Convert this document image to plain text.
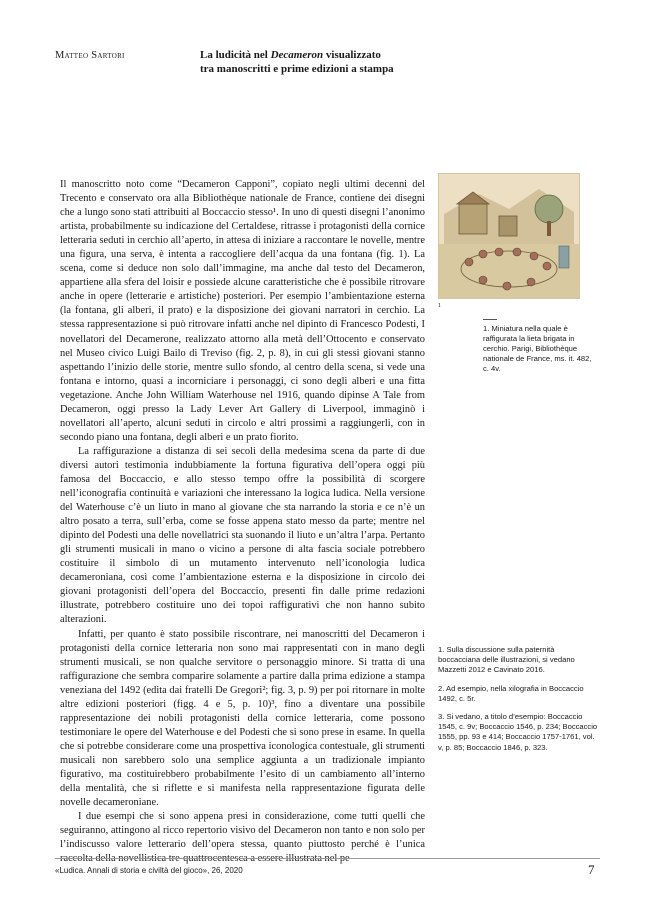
Matteo Sartori	La ludicità nel Decameron visualizzato
tra manoscritti e prime edizioni a stampa

Il manoscritto noto come “Decameron Capponi”, copiato negli ultimi decenni del Trecento e conservato ora alla Bibliothèque nationale de France, contiene dei disegni che a lungo sono stati attribuiti al Boccaccio stesso¹. In uno di questi disegni l’anonimo artista, probabilmente su indicazione del Certaldese, ritrasse i protagonisti della cornice letteraria seduti in cerchio all’aperto, in attesa di iniziare a raccontare le novelle, mentre una figura, una serva, è intenta a raccogliere dell’acqua da una fontana (fig. 1). La scena, come si deduce non solo dall’immagine, ma anche dal testo del Decameron, appartiene alla sfera del loisir e possiede alcune caratteristiche che è possibile ritrovare anche in opere (letterarie e artistiche) posteriori. Per esempio l’ambientazione esterna (la fontana, gli alberi, il prato) e la disposizione dei giovani narratori in cerchio. La stessa rappresentazione si può ritrovare infatti anche nel dipinto di Francesco Podesti, I novellatori del Decamerone, realizzato attorno alla metà dell’Ottocento e conservato nel Museo civico Luigi Bailo di Treviso (fig. 2, p. 8), in cui gli stessi giovani stanno aspettando l’inizio delle storie, mentre sullo sfondo, al centro della scena, si vede una fontana e intorno, quasi a incorniciare i personaggi, ci sono degli alberi e una fitta vegetazione. Anche John William Waterhouse nel 1916, quando dipinse A Tale from Decameron, oggi presso la Lady Lever Art Gallery di Liverpool, immaginò i novellatori all’aperto, alcuni seduti in circolo e altri prossimi a raggiungerli, con in secondo piano una fontana, degli alberi e un prato fiorito.

La raffigurazione a distanza di sei secoli della medesima scena da parte di due diversi autori testimonia indubbiamente la fortuna figurativa dell’opera oggi più famosa del Boccaccio, e allo stesso tempo offre la possibilità di scorgere nell’iconografia continuità e variazioni che interessano la logica ludica. Nella versione del Waterhouse c’è un liuto in mano al giovane che sta narrando la storia e ce n’è un altro posato a terra, sull’erba, come se fosse appena stato messo da parte; mentre nel dipinto del Podesti una delle novellatrici sta suonando il liuto e un’altra l’arpa. Pertanto gli strumenti musicali in mano o vicino a persone di alta fascia sociale potrebbero costituire il simbolo di un mutamento intervenuto nell’iconologia ludica decameroniana, così come l’ambientazione esterna e la disposizione in circolo dei giovani protagonisti dell’opera del Boccaccio, presenti fin dalle prime redazioni illustrate, potrebbero costituire uno dei topoi raffigurativi che non hanno subito alterazioni.

Infatti, per quanto è stato possibile riscontrare, nei manoscritti del Decameron i protagonisti della cornice letteraria non sono mai rappresentati con in mano degli strumenti musicali, se non qualche servitore o personaggio minore. Si tratta di una raffigurazione che sembra comparire solamente a partire dalla prima edizione a stampa veneziana del 1492 (edita dai fratelli De Gregori²; fig. 3, p. 9) per poi ritornare in molte altre edizioni posteriori (figg. 4 e 5, p. 10)³, fino a diventare una possibile rappresentazione dei nobili protagonisti della cornice letteraria, come possono testimoniare le opere del Waterhouse e del Podesti che si sono prese in esame. In quella che si potrebbe considerare come una prospettiva iconologica contestuale, gli strumenti musicali non sarebbero solo una semplice aggiunta a un tradizionale impianto figurativo, ma costituirebbero probabilmente l’esito di un cambiamento all’interno della mentalità, che si riflette e si manifesta nella rappresentazione figurata delle novelle decameroniane.

I due esempi che si sono appena presi in considerazione, come tutti quelli che seguiranno, attingono al ricco repertorio visivo del Decameron non tanto e non solo per l’indiscusso valore letterario dell’opera stessa, quanto piuttosto perché è l’unica

1
1. Miniatura nella quale è raffigurata la lieta brigata in cerchio. Parigi, Bibliothèque nationale de France, ms. it. 482, c. 4v.
1. Sulla discussione sulla paternità boccacciana delle illustrazioni, si vedano Mazzetti 2012 e Cavinato 2016.
2. Ad esempio, nella xilografia in Boccaccio 1492, c. 5r.
3. Si vedano, a titolo d’esempio: Boccaccio 1545, c. 9v; Boccaccio 1546, p. 234; Boccaccio 1555, pp. 93 e 414; Boccaccio 1757-1761, vol. v, p. 85; Boccaccio 1846, p. 323.
«Ludica. Annali di storia e civiltà del gioco», 26, 2020	7
